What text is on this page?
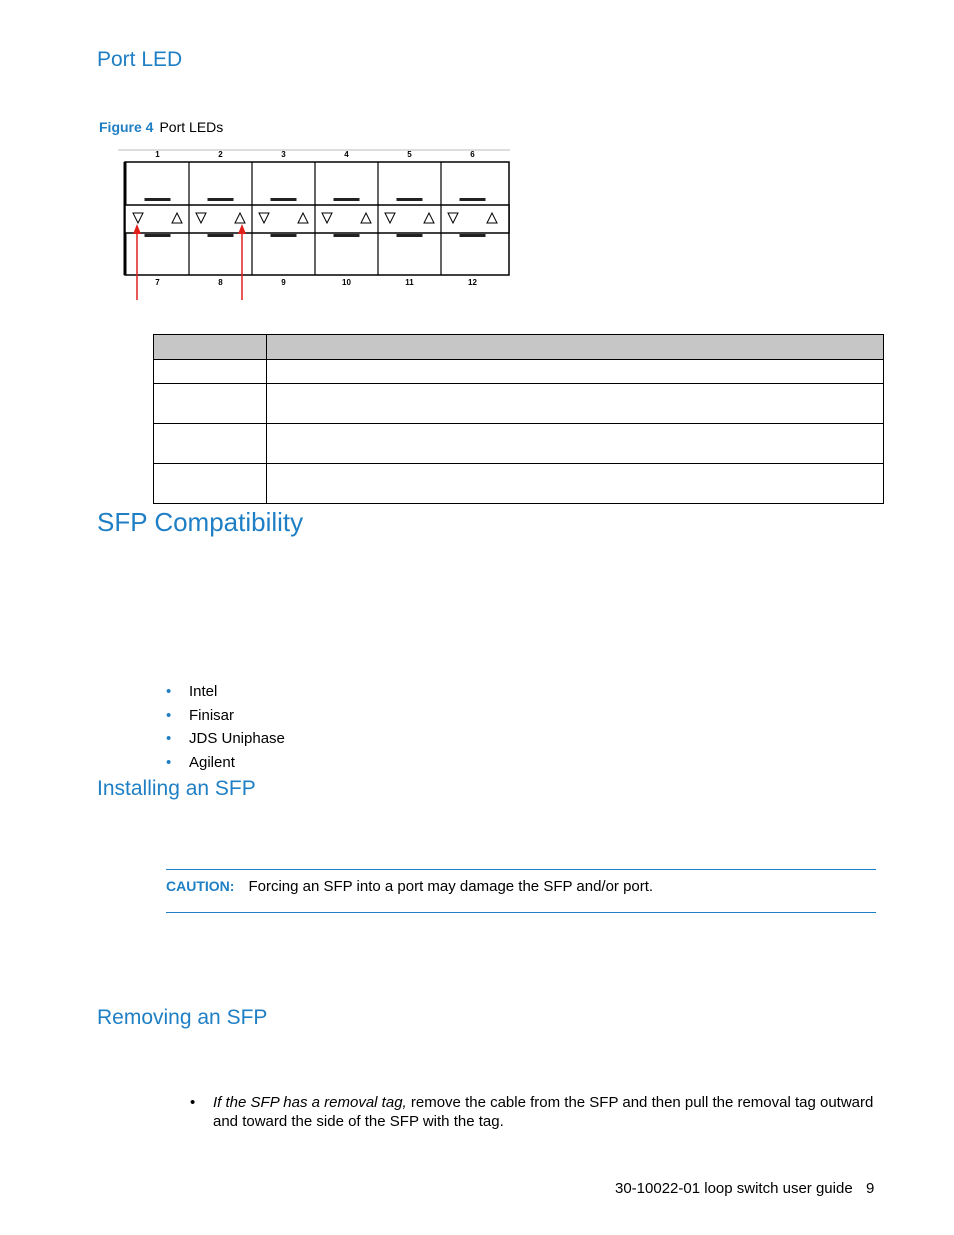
Port LED
Figure 4 Port LEDs
1
7
2
8
3
9
4
10
5
11
6
12

SFP Compatibility
• Intel
• Finisar
• JDS Uniphase
• Agilent
Installing an SFP
CAUTION: Forcing an SFP into a port may damage the SFP and/or port.
Removing an SFP
• If the SFP has a removal tag, remove the cable from the SFP and then pull the removal tag outward and toward the side of the SFP with the tag.
30-10022-01 loop switch user guide 9
